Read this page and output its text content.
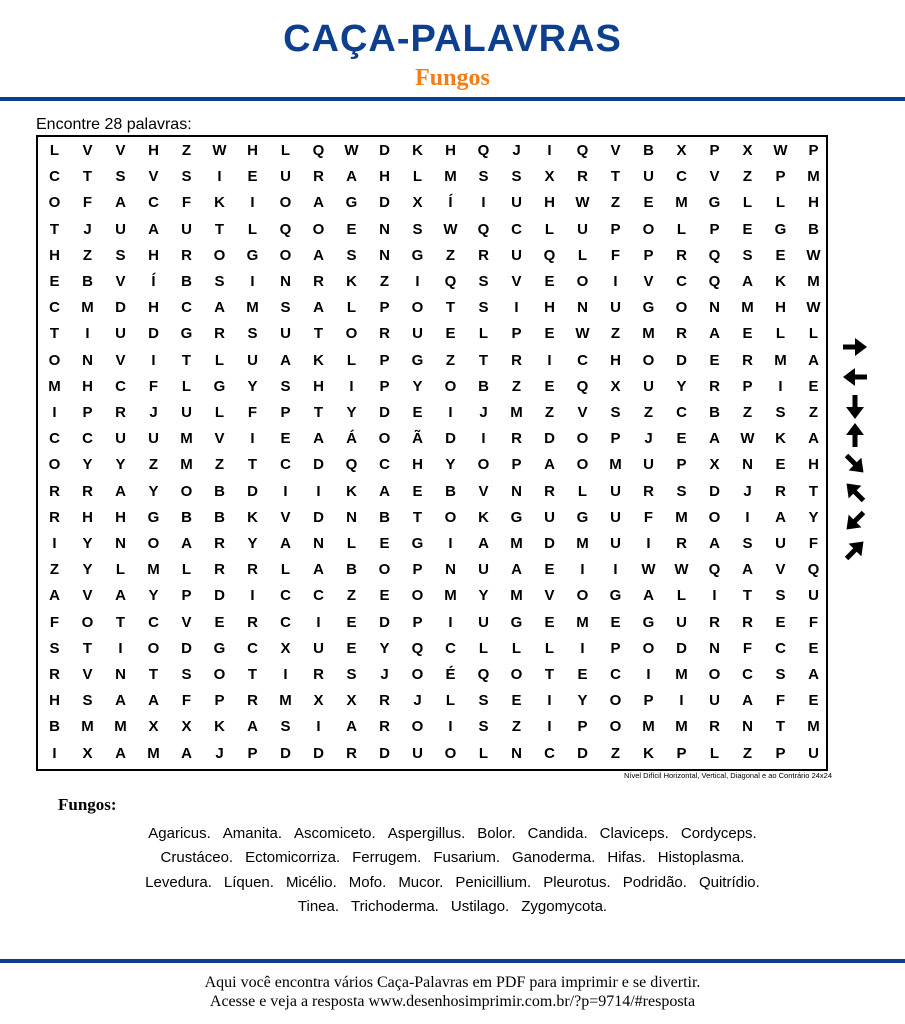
CAÇA-PALAVRAS
Fungos
Encontre 28 palavras:
L	V	V	H	Z	W	H	L	Q	W	D	K	H	Q	J	I	Q	V	B	X	P	X	W	P
C	T	S	V	S	I	E	U	R	A	H	L	M	S	S	X	R	T	U	C	V	Z	P	M
O	F	A	C	F	K	I	O	A	G	D	X	Í	I	U	H	W	Z	E	M	G	L	L	H
T	J	U	A	U	T	L	Q	O	E	N	S	W	Q	C	L	U	P	O	L	P	E	G	B
H	Z	S	H	R	O	G	O	A	S	N	G	Z	R	U	Q	L	F	P	R	Q	S	E	W
E	B	V	Í	B	S	I	N	R	K	Z	I	Q	S	V	E	O	I	V	C	Q	A	K	M
C	M	D	H	C	A	M	S	A	L	P	O	T	S	I	H	N	U	G	O	N	M	H	W
T	I	U	D	G	R	S	U	T	O	R	U	E	L	P	E	W	Z	M	R	A	E	L	L
O	N	V	I	T	L	U	A	K	L	P	G	Z	T	R	I	C	H	O	D	E	R	M	A
M	H	C	F	L	G	Y	S	H	I	P	Y	O	B	Z	E	Q	X	U	Y	R	P	I	E
I	P	R	J	U	L	F	P	T	Y	D	E	I	J	M	Z	V	S	Z	C	B	Z	S	Z
C	C	U	U	M	V	I	E	A	Á	O	Ã	D	I	R	D	O	P	J	E	A	W	K	A
O	Y	Y	Z	M	Z	T	C	D	Q	C	H	Y	O	P	A	O	M	U	P	X	N	E	H
R	R	A	Y	O	B	D	I	I	K	A	E	B	V	N	R	L	U	R	S	D	J	R	T
R	H	H	G	B	B	K	V	D	N	B	T	O	K	G	U	G	U	F	M	O	I	A	Y
I	Y	N	O	A	R	Y	A	N	L	E	G	I	A	M	D	M	U	I	R	A	S	U	F
Z	Y	L	M	L	R	R	L	A	B	O	P	N	U	A	E	I	I	W	W	Q	A	V	Q
A	V	A	Y	P	D	I	C	C	Z	E	O	M	Y	M	V	O	G	A	L	I	T	S	U
F	O	T	C	V	E	R	C	I	E	D	P	I	U	G	E	M	E	G	U	R	R	E	F
S	T	I	O	D	G	C	X	U	E	Y	Q	C	L	L	L	I	P	O	D	N	F	C	E
R	V	N	T	S	O	T	I	R	S	J	O	É	Q	O	T	E	C	I	M	O	C	S	A
H	S	A	A	F	P	R	M	X	X	R	J	L	S	E	I	Y	O	P	I	U	A	F	E
B	M	M	X	X	K	A	S	I	A	R	O	I	S	Z	I	P	O	M	M	R	N	T	M
I	X	A	M	A	J	P	D	D	R	D	U	O	L	N	C	D	Z	K	P	L	Z	P	U
Nível Difícil Horizontal, Vertical, Diagonal e ao Contrário 24x24
Fungos:
Agaricus. Amanita. Ascomiceto. Aspergillus. Bolor. Candida. Claviceps. Cordyceps.
Crustáceo. Ectomicorriza. Ferrugem. Fusarium. Ganoderma. Hifas. Histoplasma.
Levedura. Líquen. Micélio. Mofo. Mucor. Penicillium. Pleurotus. Podridão. Quitrídio.
Tinea. Trichoderma. Ustilago. Zygomycota.
Aqui você encontra vários Caça-Palavras em PDF para imprimir e se divertir.
Acesse e veja a resposta www.desenhosimprimir.com.br/?p=9714/#resposta
